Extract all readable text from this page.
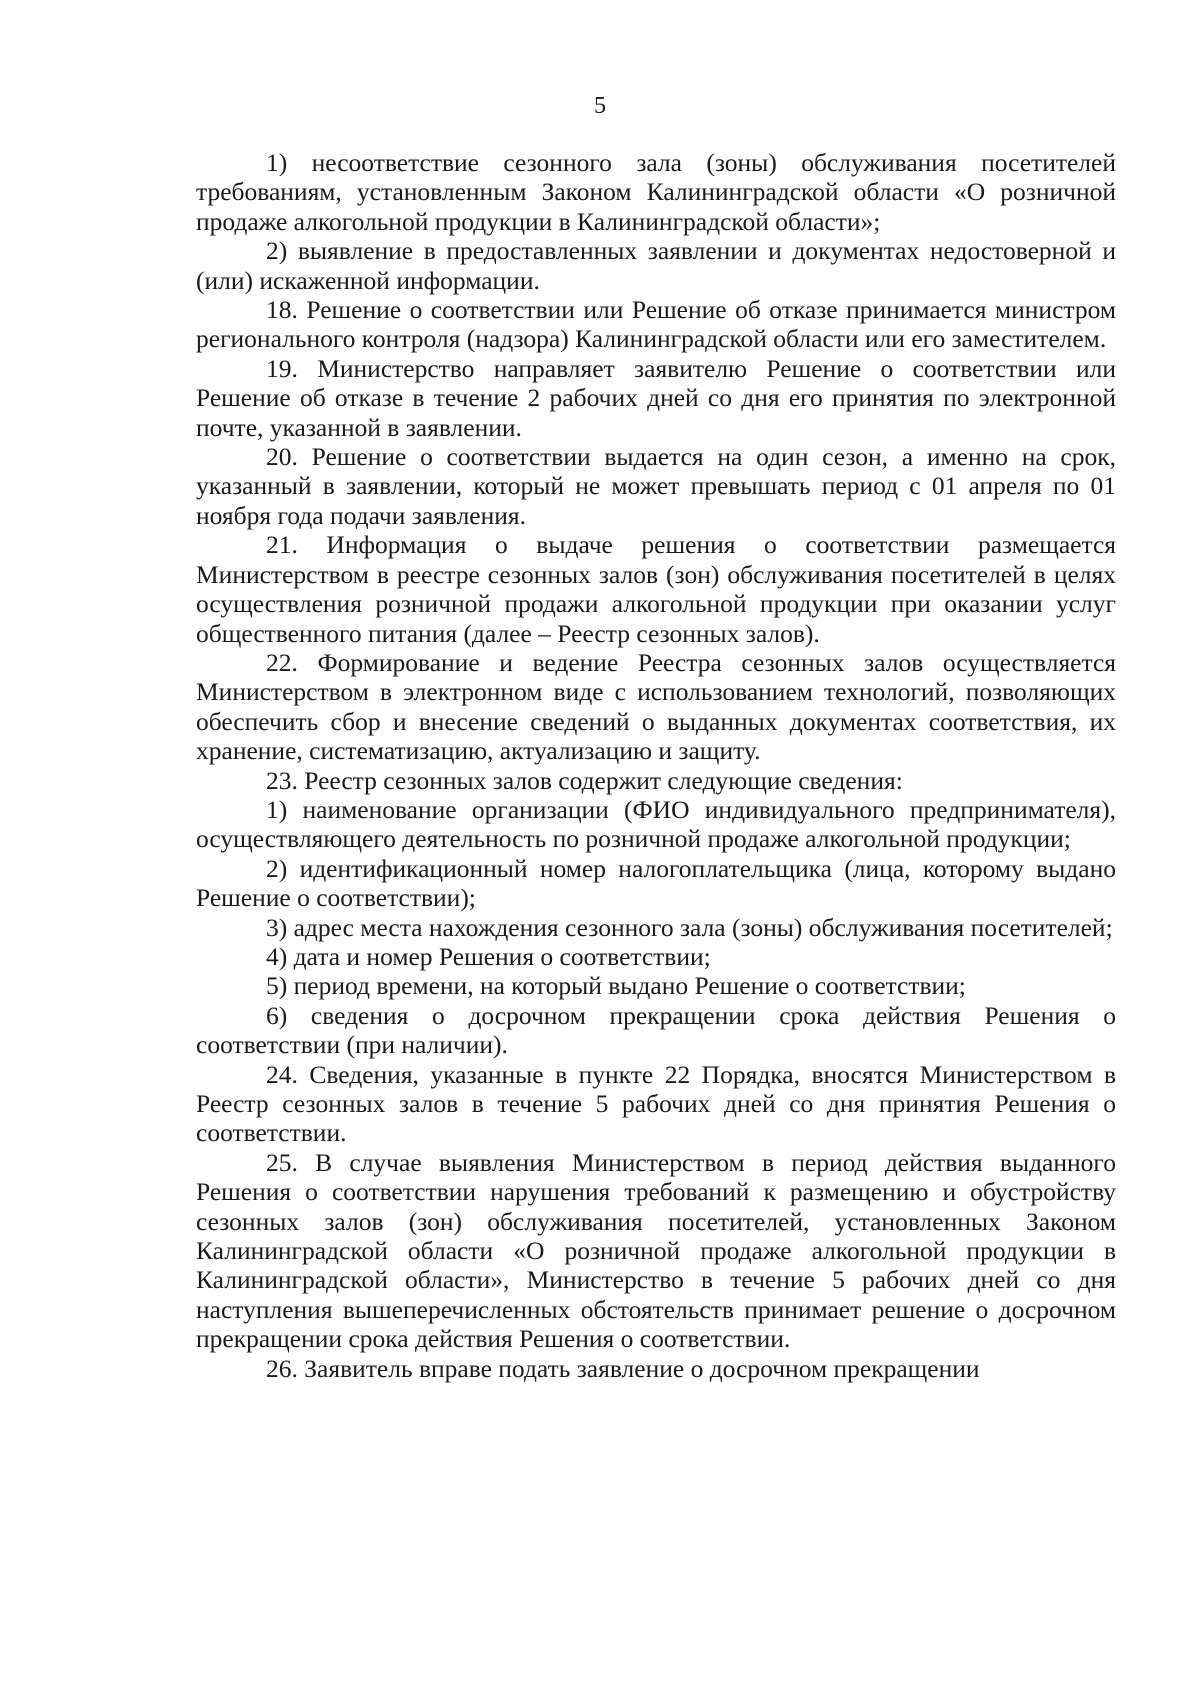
5

1) несоответствие сезонного зала (зоны) обслуживания посетителей требованиям, установленным Законом Калининградской области «О розничной продаже алкогольной продукции в Калининградской области»;

2) выявление в предоставленных заявлении и документах недостоверной и (или) искаженной информации.

18. Решение о соответствии или Решение об отказе принимается министром регионального контроля (надзора) Калининградской области или его заместителем.

19. Министерство направляет заявителю Решение о соответствии или Решение об отказе в течение 2 рабочих дней со дня его принятия по электронной почте, указанной в заявлении.

20. Решение о соответствии выдается на один сезон, а именно на срок, указанный в заявлении, который не может превышать период с 01 апреля по 01 ноября года подачи заявления.

21. Информация о выдаче решения о соответствии размещается Министерством в реестре сезонных залов (зон) обслуживания посетителей в целях осуществления розничной продажи алкогольной продукции при оказании услуг общественного питания (далее – Реестр сезонных залов).

22. Формирование и ведение Реестра сезонных залов осуществляется Министерством в электронном виде с использованием технологий, позволяющих обеспечить сбор и внесение сведений о выданных документах соответствия, их хранение, систематизацию, актуализацию и защиту.

23. Реестр сезонных залов содержит следующие сведения:

1) наименование организации (ФИО индивидуального предпринимателя), осуществляющего деятельность по розничной продаже алкогольной продукции;

2) идентификационный номер налогоплательщика (лица, которому выдано Решение о соответствии);

3) адрес места нахождения сезонного зала (зоны) обслуживания посетителей;

4) дата и номер Решения о соответствии;

5) период времени, на который выдано Решение о соответствии;

6) сведения о досрочном прекращении срока действия Решения о соответствии (при наличии).

24. Сведения, указанные в пункте 22 Порядка, вносятся Министерством в Реестр сезонных залов в течение 5 рабочих дней со дня принятия Решения о соответствии.

25. В случае выявления Министерством в период действия выданного Решения о соответствии нарушения требований к размещению и обустройству сезонных залов (зон) обслуживания посетителей, установленных Законом Калининградской области «О розничной продаже алкогольной продукции в Калининградской области», Министерство в течение 5 рабочих дней со дня наступления вышеперечисленных обстоятельств принимает решение о досрочном прекращении срока действия Решения о соответствии.

26. Заявитель вправе подать заявление о досрочном прекращении
